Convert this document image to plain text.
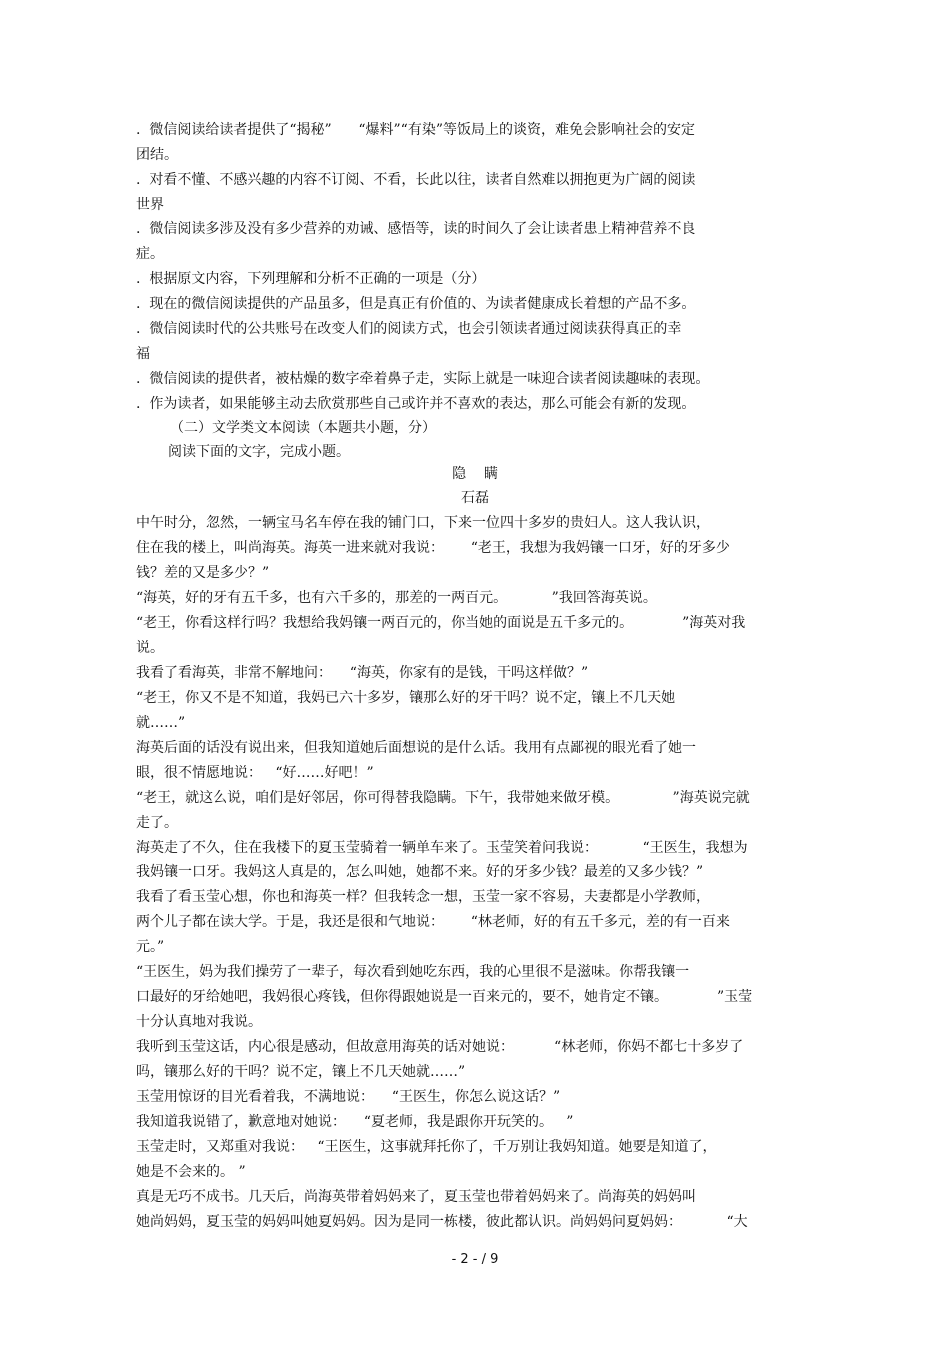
.  微信阅读给读者提供了“揭秘”      “爆料”“有染”等饭局上的谈资，难免会影响社会的安定
团结。
.  对看不懂、不感兴趣的内容不订阅、不看，长此以往，读者自然难以拥抱更为广阔的阅读
世界
.  微信阅读多涉及没有多少营养的劝诫、感悟等，读的时间久了会让读者患上精神营养不良
症。
.  根据原文内容，下列理解和分析不正确的一项是（分）
.  现在的微信阅读提供的产品虽多，但是真正有价值的、为读者健康成长着想的产品不多。
.  微信阅读时代的公共账号在改变人们的阅读方式，也会引领读者通过阅读获得真正的幸
福
.  微信阅读的提供者，被枯燥的数字牵着鼻子走，实际上就是一味迎合读者阅读趣味的表现。
.  作为读者，如果能够主动去欣赏那些自己或许并不喜欢的表达，那么可能会有新的发现。
（二）文学类文本阅读（本题共小题，分）
阅读下面的文字，完成小题。
隐    瞒
石磊
中午时分，忽然，一辆宝马名车停在我的铺门口，下来一位四十多岁的贵妇人。这人我认识，
住在我的楼上，叫尚海英。海英一进来就对我说：      “老王，我想为我妈镶一口牙，好的牙多少
钱？差的又是多少？”
“海英，好的牙有五千多，也有六千多的，那差的一两百元。          ”我回答海英说。
“老王，你看这样行吗？我想给我妈镶一两百元的，你当她的面说是五千多元的。           ”海英对我
说。
我看了看海英，非常不解地问：    “海英，你家有的是钱，干吗这样做？”
“老王，你又不是不知道，我妈已六十多岁，镶那么好的牙干吗？说不定，镶上不几天她
就……”
海英后面的话没有说出来，但我知道她后面想说的是什么话。我用有点鄙视的眼光看了她一
眼，很不情愿地说：   “好……好吧！”
“老王，就这么说，咱们是好邻居，你可得替我隐瞒。下午，我带她来做牙模。            ”海英说完就
走了。
海英走了不久，住在我楼下的夏玉莹骑着一辆单车来了。玉莹笑着问我说：          “王医生，我想为
我妈镶一口牙。我妈这人真是的，怎么叫她，她都不来。好的牙多少钱？最差的又多少钱？”
我看了看玉莹心想，你也和海英一样？但我转念一想，玉莹一家不容易，夫妻都是小学教师，
两个儿子都在读大学。于是，我还是很和气地说：      “林老师，好的有五千多元，差的有一百来
元。”
“王医生，妈为我们操劳了一辈子，每次看到她吃东西，我的心里很不是滋味。你帮我镶一
口最好的牙给她吧，我妈很心疼钱，但你得跟她说是一百来元的，要不，她肯定不镶。           ”玉莹
十分认真地对我说。
我听到玉莹这话，内心很是感动，但故意用海英的话对她说：         “林老师，你妈不都七十多岁了
吗，镶那么好的干吗？说不定，镶上不几天她就……”
玉莹用惊讶的目光看着我，不满地说：    “王医生，你怎么说这话？”
我知道我说错了，歉意地对她说：    “夏老师，我是跟你开玩笑的。   ”
玉莹走时，又郑重对我说：   “王医生，这事就拜托你了，千万别让我妈知道。她要是知道了，
她是不会来的。 ”
真是无巧不成书。几天后，尚海英带着妈妈来了，夏玉莹也带着妈妈来了。尚海英的妈妈叫
她尚妈妈，夏玉莹的妈妈叫她夏妈妈。因为是同一栋楼，彼此都认识。尚妈妈问夏妈妈：          “大
- 2 - / 9
